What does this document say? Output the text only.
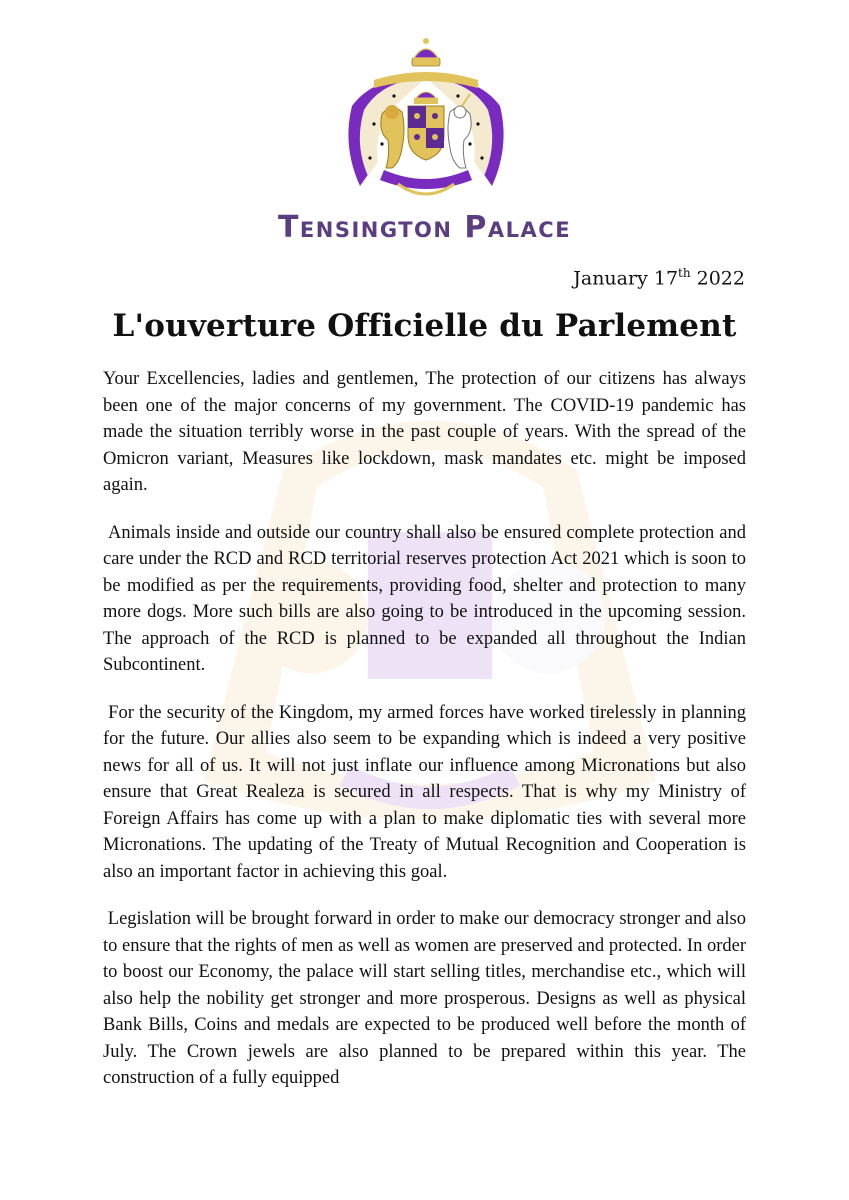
Tensington Palace
January 17th 2022
L'ouverture Officielle du Parlement

Your Excellencies, ladies and gentlemen, The protection of our citizens has always been one of the major concerns of my government. The COVID-19 pandemic has made the situation terribly worse in the past couple of years. With the spread of the Omicron variant, Measures like lockdown, mask mandates etc. might be imposed again.

Animals inside and outside our country shall also be ensured complete protection and care under the RCD and RCD territorial reserves protection Act 2021 which is soon to be modified as per the requirements, providing food, shelter and protection to many more dogs. More such bills are also going to be introduced in the upcoming session. The approach of the RCD is planned to be expanded all throughout the Indian Subcontinent.

For the security of the Kingdom, my armed forces have worked tirelessly in planning for the future. Our allies also seem to be expanding which is indeed a very positive news for all of us. It will not just inflate our influence among Micronations but also ensure that Great Realeza is secured in all respects. That is why my Ministry of Foreign Affairs has come up with a plan to make diplomatic ties with several more Micronations. The updating of the Treaty of Mutual Recognition and Cooperation is also an important factor in achieving this goal.

Legislation will be brought forward in order to make our democracy stronger and also to ensure that the rights of men as well as women are preserved and protected. In order to boost our Economy, the palace will start selling titles, merchandise etc., which will also help the nobility get stronger and more prosperous. Designs as well as physical Bank Bills, Coins and medals are expected to be produced well before the month of July. The Crown jewels are also planned to be prepared within this year. The construction of a fully equipped
